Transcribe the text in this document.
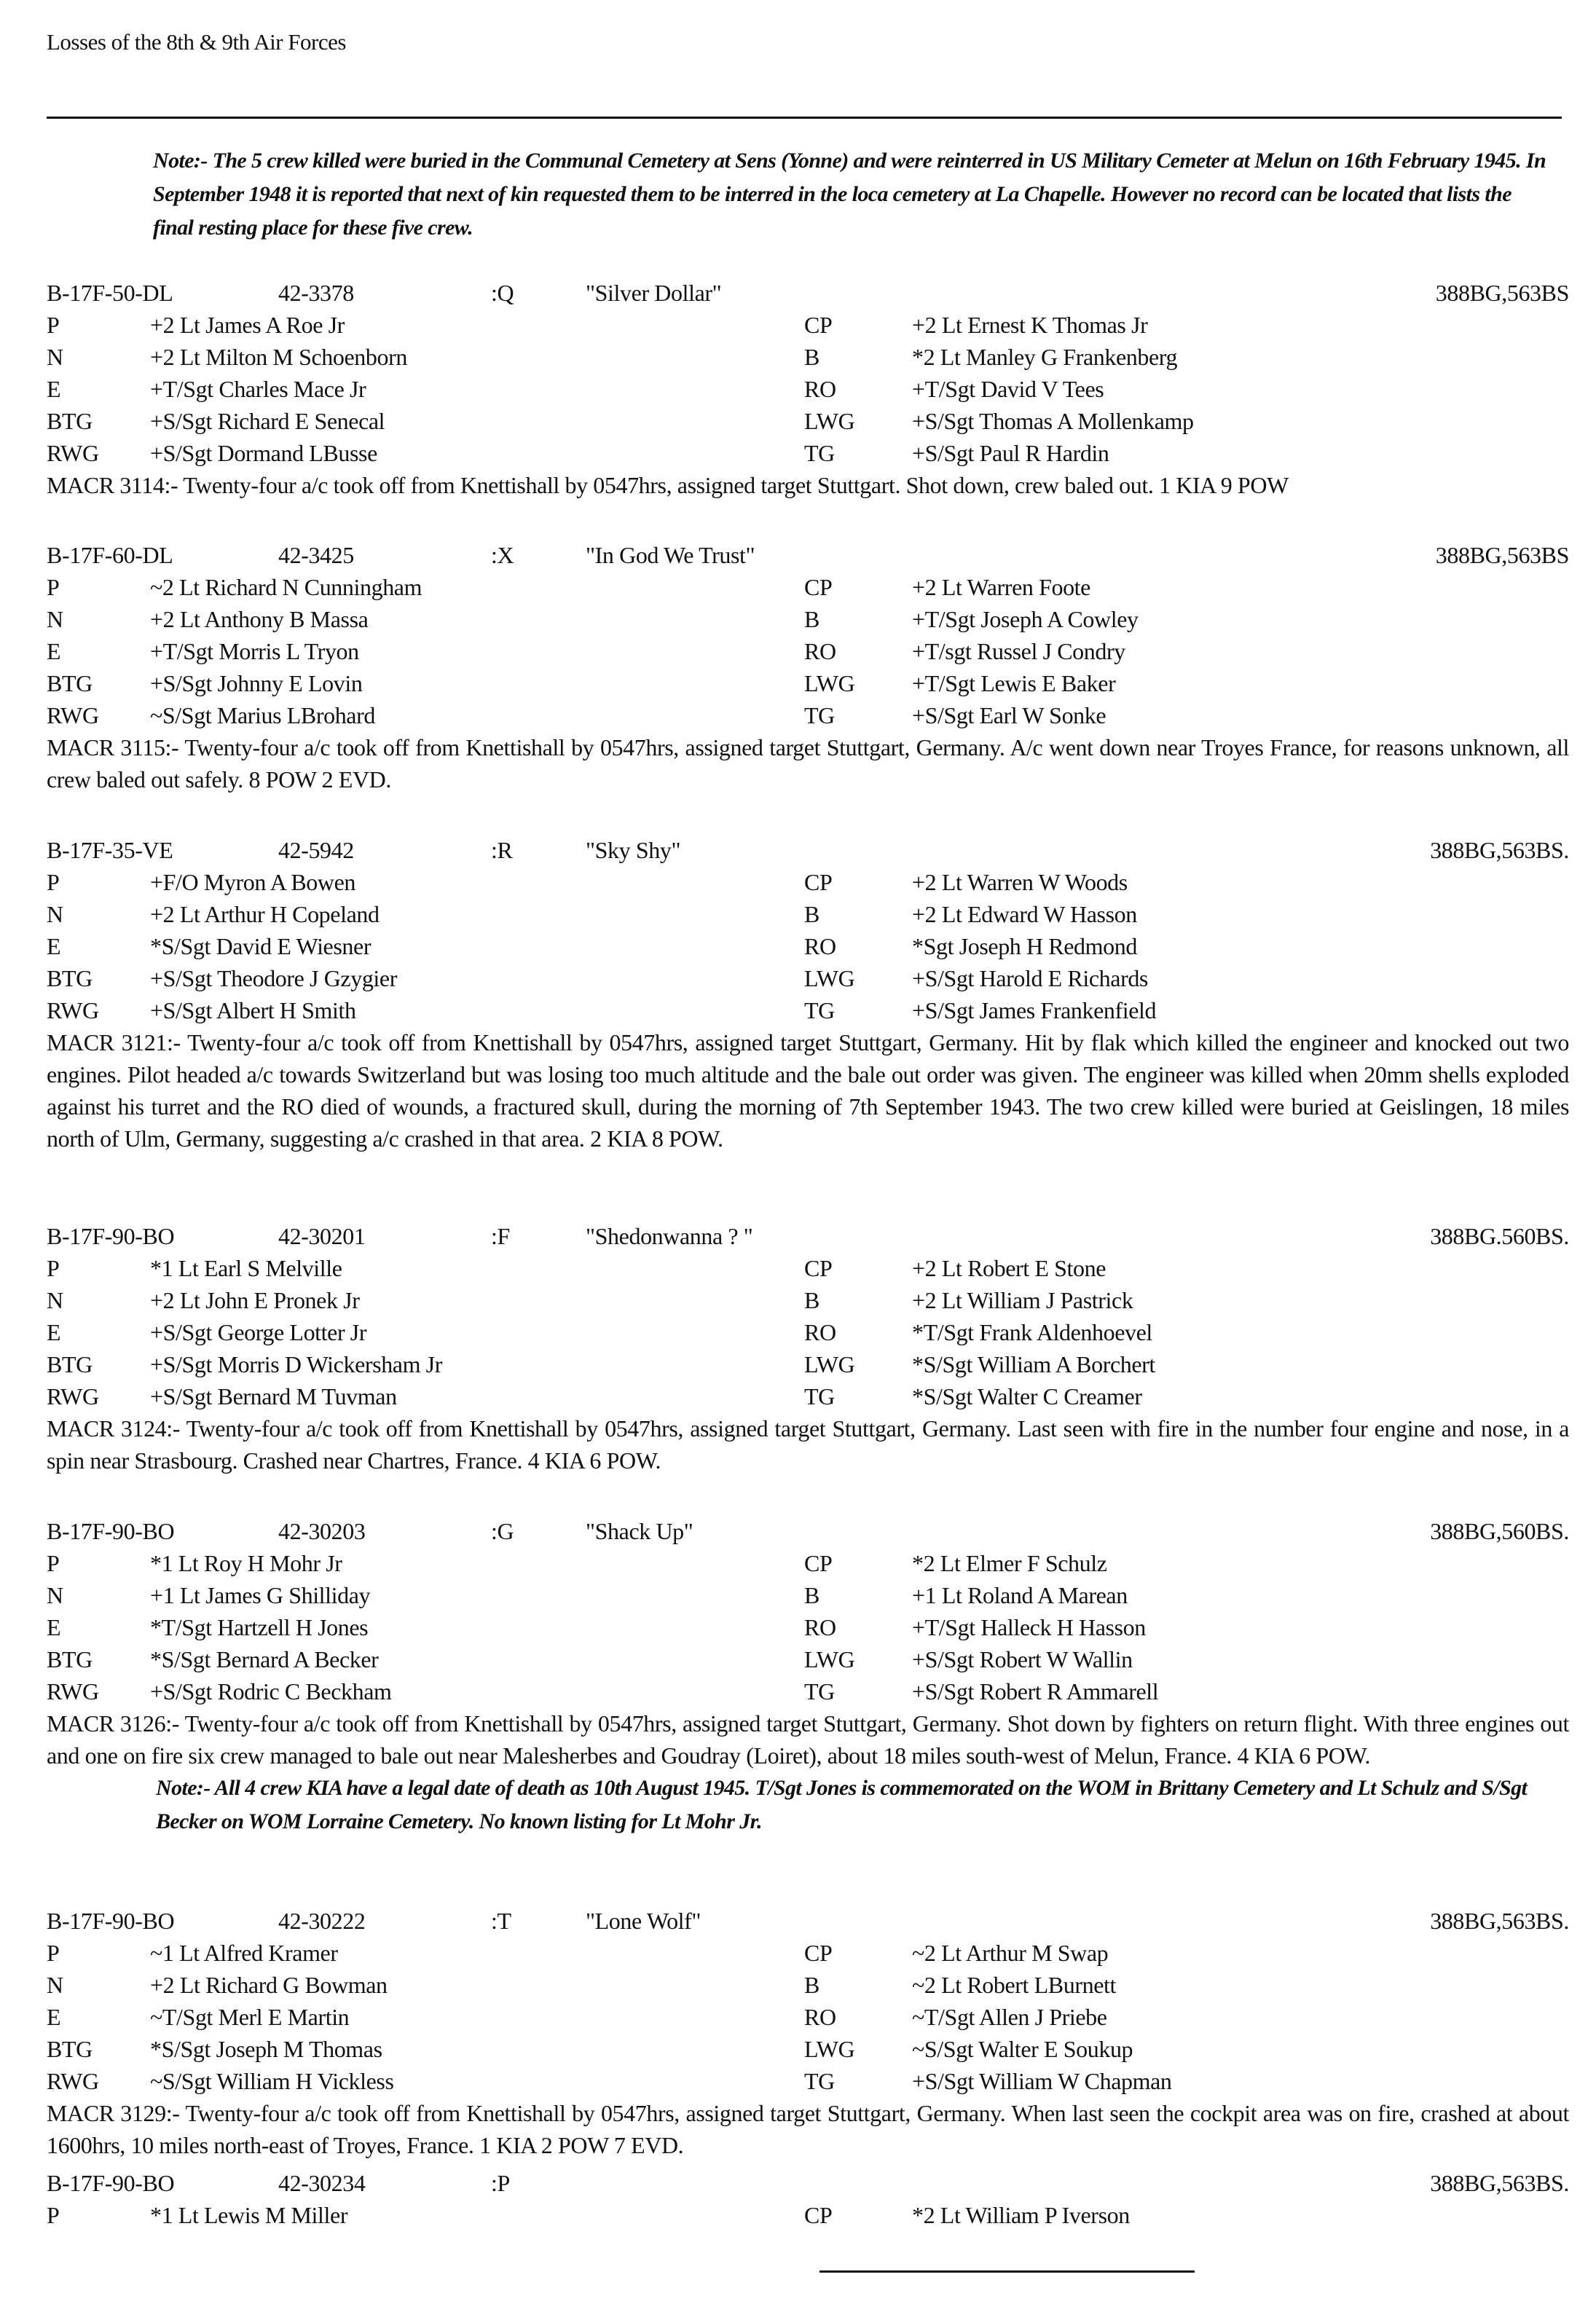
Losses of the 8th & 9th Air Forces
Note:- The 5 crew killed were buried in the Communal Cemetery at Sens (Yonne) and were reinterred in US Military Cemeter at Melun on 16th February 1945. In September 1948 it is reported that next of kin requested them to be interred in the loca cemetery at La Chapelle. However no record can be located that lists the final resting place for these five crew.
B-17F-50-DL	42-3378	:Q	"Silver Dollar"	388BG,563BS
P	+2 Lt James A Roe Jr	CP	+2 Lt Ernest K Thomas Jr
N	+2 Lt Milton M Schoenborn	B	*2 Lt Manley G Frankenberg
E	+T/Sgt Charles Mace Jr	RO	+T/Sgt David V Tees
BTG +S/Sgt Richard E Senecal	LWG +S/Sgt Thomas A Mollenkamp
RWG +S/Sgt Dormand LBusse	TG	+S/Sgt Paul R Hardin
MACR 3114:- Twenty-four a/c took off from Knettishall by 0547hrs, assigned target Stuttgart. Shot down, crew baled out. 1 KIA 9 POW
B-17F-60-DL	42-3425	:X	"In God We Trust"	388BG,563BS
P	~2 Lt Richard N Cunningham	CP	+2 Lt Warren Foote
N	+2 Lt Anthony B Massa	B	+T/Sgt Joseph A Cowley
E	+T/Sgt Morris L Tryon	RO	+T/sgt Russel J Condry
BTG +S/Sgt Johnny E Lovin	LWG +T/Sgt Lewis E Baker
RWG ~S/Sgt Marius LBrohard	TG	+S/Sgt Earl W Sonke
MACR 3115:- Twenty-four a/c took off from Knettishall by 0547hrs, assigned target Stuttgart, Germany. A/c went down near Troyes France, for reasons unknown, all crew baled out safely. 8 POW 2 EVD.
B-17F-35-VE	42-5942	:R	"Sky Shy"	388BG,563BS.
P	+F/O Myron A Bowen	CP	+2 Lt Warren W Woods
N	+2 Lt Arthur H Copeland	B	+2 Lt Edward W Hasson
E	*S/Sgt David E Wiesner	RO	*Sgt Joseph H Redmond
BTG +S/Sgt Theodore J Gzygier	LWG +S/Sgt Harold E Richards
RWG +S/Sgt Albert H Smith	TG	+S/Sgt James Frankenfield
MACR 3121:- Twenty-four a/c took off from Knettishall by 0547hrs, assigned target Stuttgart, Germany. Hit by flak which killed the engineer and knocked out two engines. Pilot headed a/c towards Switzerland but was losing too much altitude and the bale out order was given. The engineer was killed when 20mm shells exploded against his turret and the RO died of wounds, a fractured skull, during the morning of 7th September 1943. The two crew killed were buried at Geislingen, 18 miles north of Ulm, Germany, suggesting a/c crashed in that area. 2 KIA 8 POW.
B-17F-90-BO	42-30201	:F	"Shedonwanna ? "	388BG.560BS.
P	*1 Lt Earl S Melville	CP	+2 Lt Robert E Stone
N	+2 Lt John E Pronek Jr	B	+2 Lt William J Pastrick
E	+S/Sgt George Lotter Jr	RO	*T/Sgt Frank Aldenhoevel
BTG +S/Sgt Morris D Wickersham Jr	LWG *S/Sgt William A Borchert
RWG +S/Sgt Bernard M Tuvman	TG	*S/Sgt Walter C Creamer
MACR 3124:- Twenty-four a/c took off from Knettishall by 0547hrs, assigned target Stuttgart, Germany. Last seen with fire in the number four engine and nose, in a spin near Strasbourg. Crashed near Chartres, France. 4 KIA 6 POW.
B-17F-90-BO	42-30203	:G	"Shack Up"	388BG,560BS.
P	*1 Lt Roy H Mohr Jr	CP	*2 Lt Elmer F Schulz
N	+1 Lt James G Shilliday	B	+1 Lt Roland A Marean
E	*T/Sgt Hartzell H Jones	RO	+T/Sgt Halleck H Hasson
BTG *S/Sgt Bernard A Becker	LWG +S/Sgt Robert W Wallin
RWG +S/Sgt Rodric C Beckham	TG	+S/Sgt Robert R Ammarell
MACR 3126:- Twenty-four a/c took off from Knettishall by 0547hrs, assigned target Stuttgart, Germany. Shot down by fighters on return flight. With three engines out and one on fire six crew managed to bale out near Malesherbes and Goudray (Loiret), about 18 miles south-west of Melun, France. 4 KIA 6 POW.
Note:- All 4 crew KIA have a legal date of death as 10th August 1945. T/Sgt Jones is commemorated on the WOM in Brittany Cemetery and Lt Schulz and S/Sgt Becker on WOM Lorraine Cemetery. No known listing for Lt Mohr Jr.
B-17F-90-BO	42-30222	:T	"Lone Wolf"	388BG,563BS.
P	~1 Lt Alfred Kramer	CP	~2 Lt Arthur M Swap
N	+2 Lt Richard G Bowman	B	~2 Lt Robert LBurnett
E	~T/Sgt Merl E Martin	RO	~T/Sgt Allen J Priebe
BTG *S/Sgt Joseph M Thomas	LWG ~S/Sgt Walter E Soukup
RWG ~S/Sgt William H Vickless	TG	+S/Sgt William W Chapman
MACR 3129:- Twenty-four a/c took off from Knettishall by 0547hrs, assigned target Stuttgart, Germany. When last seen the cockpit area was on fire, crashed at about 1600hrs, 10 miles north-east of Troyes, France. 1 KIA 2 POW 7 EVD.
B-17F-90-BO	42-30234	:P	388BG,563BS.
P	*1 Lt Lewis M Miller	CP	*2 Lt William P Iverson
